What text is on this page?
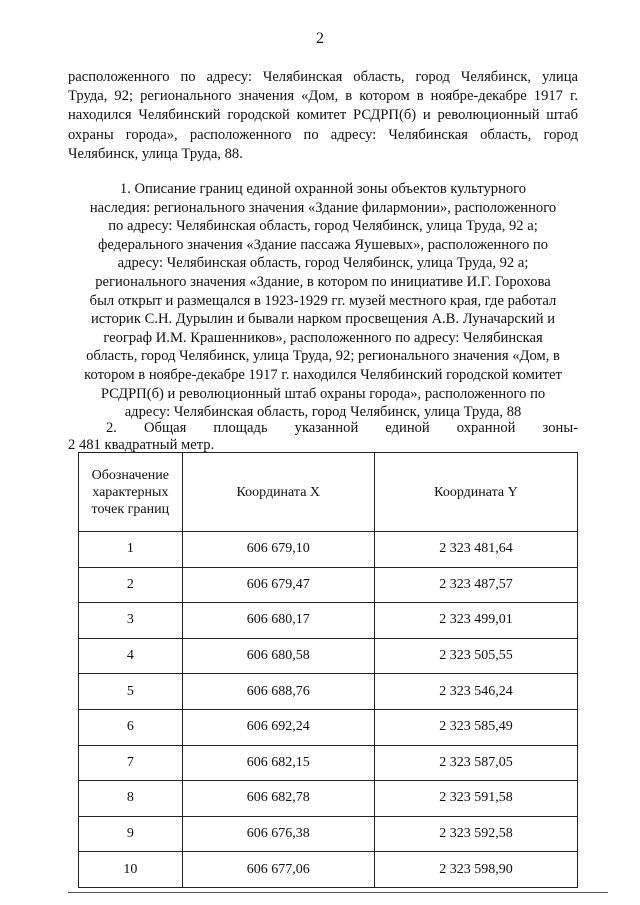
2
расположенного по адресу: Челябинская область, город Челябинск, улица
Труда, 92; регионального значения «Дом, в котором в ноябре-декабре 1917 г.
находился Челябинский городской комитет РСДРП(б) и революционный штаб
охраны города», расположенного по адресу: Челябинская область, город
Челябинск, улица Труда, 88.
1. Описание границ единой охранной зоны объектов культурного
наследия: регионального значения «Здание филармонии», расположенного
по адресу: Челябинская область, город Челябинск, улица Труда, 92 а;
федерального значения «Здание пассажа Яушевых», расположенного по
адресу: Челябинская область, город Челябинск, улица Труда, 92 а;
регионального значения «Здание, в котором по инициативе И.Г. Горохова
был открыт и размещался в 1923-1929 гг. музей местного края, где работал
историк С.Н. Дурылин и бывали нарком просвещения А.В. Луначарский и
географ И.М. Крашенников», расположенного по адресу: Челябинская
область, город Челябинск, улица Труда, 92; регионального значения «Дом, в
котором в ноябре-декабре 1917 г. находился Челябинский городской комитет
РСДРП(б) и революционный штаб охраны города», расположенного по
адресу: Челябинская область, город Челябинск, улица Труда, 88
2. Общая площадь указанной единой охранной зоны-
2 481 квадратный метр.
Обозначение характерных точек границ	Координата X	Координата Y
1	606 679,10	2 323 481,64
2	606 679,47	2 323 487,57
3	606 680,17	2 323 499,01
4	606 680,58	2 323 505,55
5	606 688,76	2 323 546,24
6	606 692,24	2 323 585,49
7	606 682,15	2 323 587,05
8	606 682,78	2 323 591,58
9	606 676,38	2 323 592,58
10	606 677,06	2 323 598,90
